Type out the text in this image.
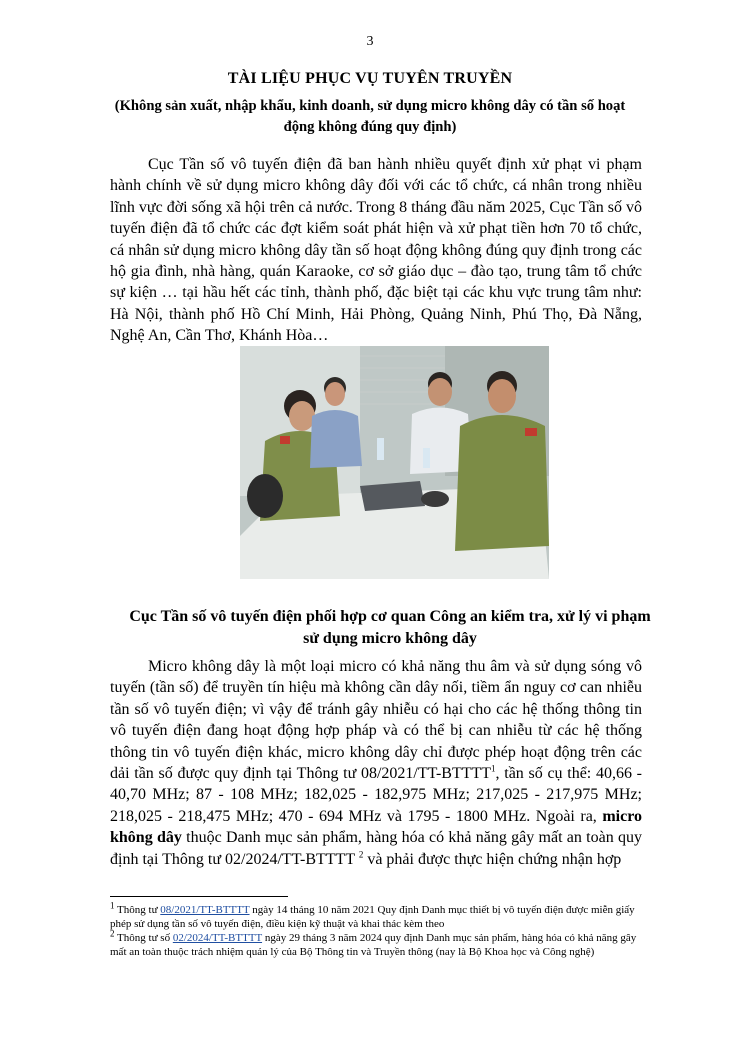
3
TÀI LIỆU PHỤC VỤ TUYÊN TRUYỀN
(Không sản xuất, nhập khẩu, kinh doanh, sử dụng micro không dây có tần số hoạt động không đúng quy định)

Cục Tần số vô tuyến điện đã ban hành nhiều quyết định xử phạt vi phạm hành chính về sử dụng micro không dây đối với các tổ chức, cá nhân trong nhiều lĩnh vực đời sống xã hội trên cả nước. Trong 8 tháng đầu năm 2025, Cục Tần số vô tuyến điện đã tổ chức các đợt kiểm soát phát hiện và xử phạt tiền hơn 70 tổ chức, cá nhân sử dụng micro không dây tần số hoạt động không đúng quy định trong các hộ gia đình, nhà hàng, quán Karaoke, cơ sở giáo dục – đào tạo, trung tâm tổ chức sự kiện … tại hầu hết các tỉnh, thành phố, đặc biệt tại các khu vực trung tâm như: Hà Nội, thành phố Hồ Chí Minh, Hải Phòng, Quảng Ninh, Phú Thọ, Đà Nẵng, Nghệ An, Cần Thơ, Khánh Hòa…

Cục Tần số vô tuyến điện phối hợp cơ quan Công an kiểm tra, xử lý vi phạm sử dụng micro không dây

Micro không dây là một loại micro có khả năng thu âm và sử dụng sóng vô tuyến (tần số) để truyền tín hiệu mà không cần dây nối, tiềm ẩn nguy cơ can nhiễu tần số vô tuyến điện; vì vậy để tránh gây nhiễu có hại cho các hệ thống thông tin vô tuyến điện đang hoạt động hợp pháp và có thể bị can nhiễu từ các hệ thống thông tin vô tuyến điện khác, micro không dây chỉ được phép hoạt động trên các dải tần số được quy định tại Thông tư 08/2021/TT-BTTTT$^1$, tần số cụ thể: 40,66 - 40,70 MHz; 87 - 108 MHz; 182,025 - 182,975 MHz; 217,025 - 217,975 MHz; 218,025 - 218,475 MHz; 470 - 694 MHz và 1795 - 1800 MHz. Ngoài ra, micro không dây thuộc Danh mục sản phẩm, hàng hóa có khả năng gây mất an toàn quy định tại Thông tư 02/2024/TT-BTTTT $^2$ và phải được thực hiện chứng nhận hợp

$^1$ Thông tư 08/2021/TT-BTTTT ngày 14 tháng 10 năm 2021 Quy định Danh mục thiết bị vô tuyến điện được miễn giấy phép sử dụng tần số vô tuyến điện, điều kiện kỹ thuật và khai thác kèm theo

$^2$ Thông tư số 02/2024/TT-BTTTT ngày 29 tháng 3 năm 2024 quy định Danh mục sản phẩm, hàng hóa có khả năng gây mất an toàn thuộc trách nhiệm quản lý của Bộ Thông tin và Truyền thông (nay là Bộ Khoa học và Công nghệ)
